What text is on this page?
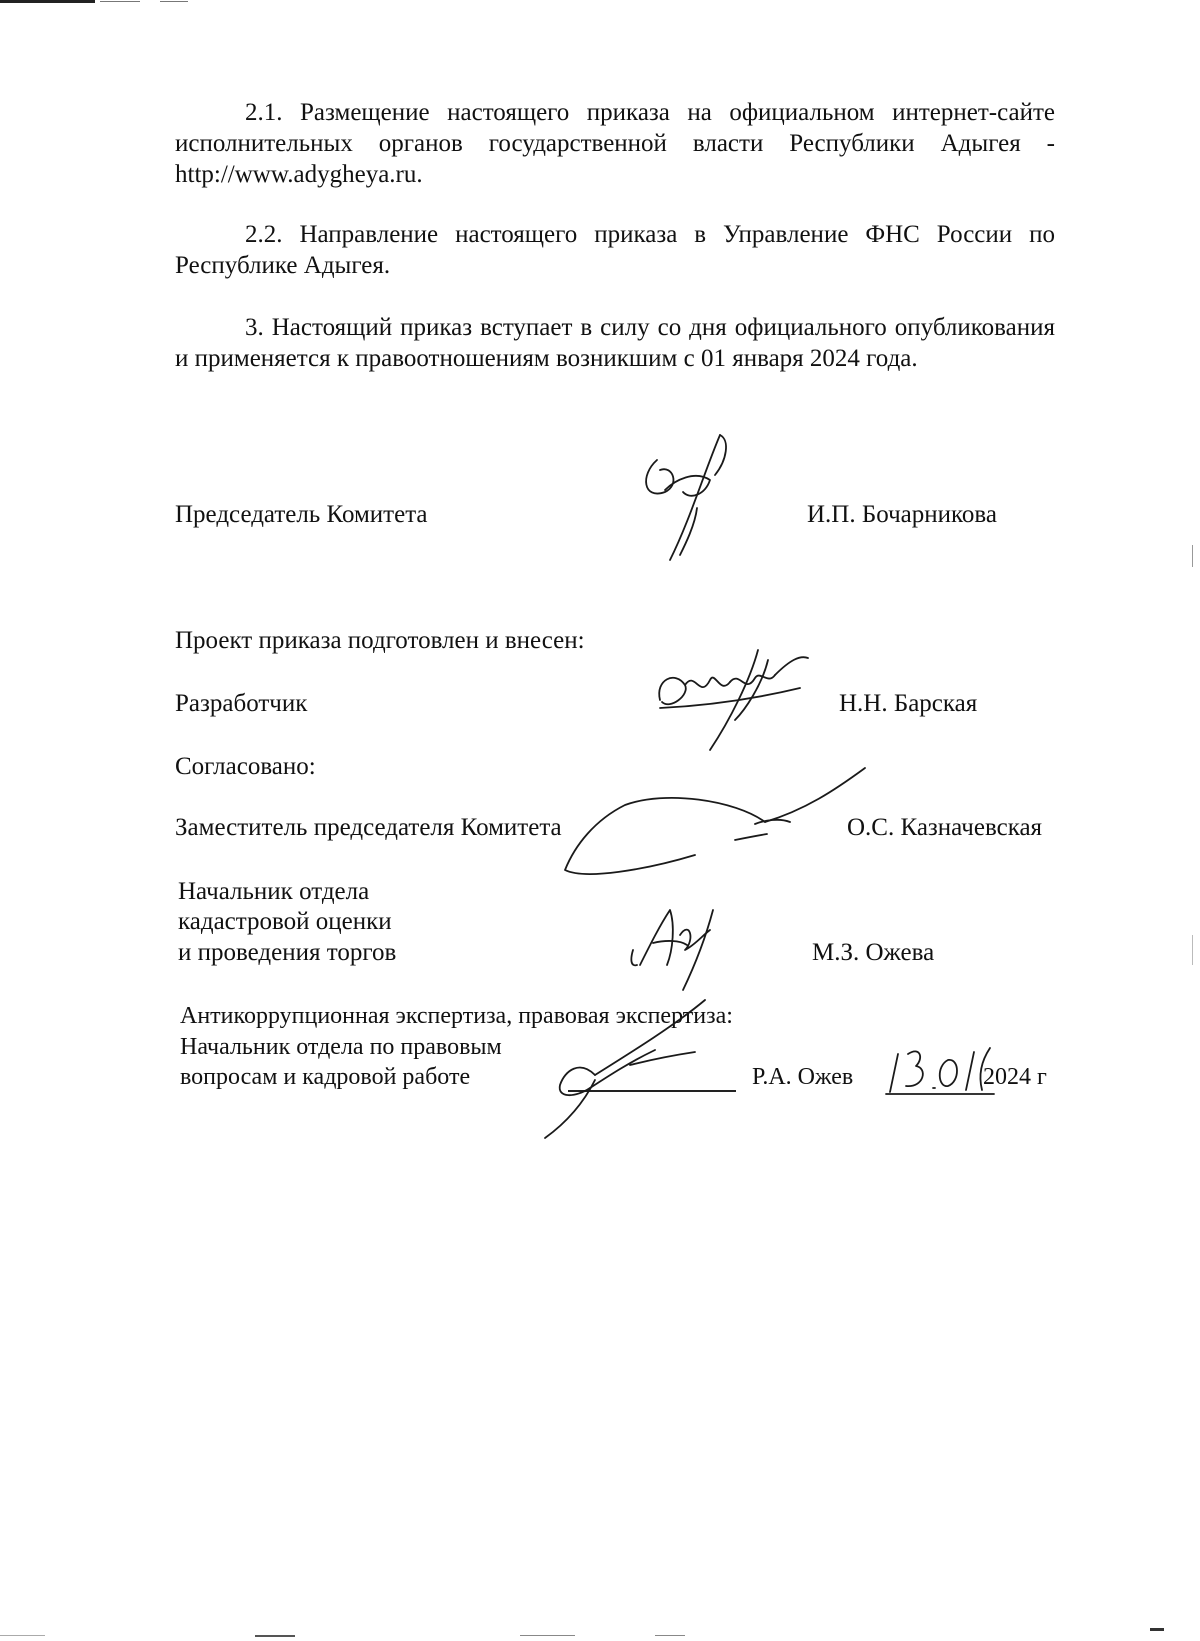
2.1. Размещение настоящего приказа на официальном интернет-сайте исполнительных органов государственной власти Республики Адыгея - http://www.adygheya.ru.

2.2. Направление настоящего приказа в Управление ФНС России по Республике Адыгея.

3. Настоящий приказ вступает в силу со дня официального опубликования и применяется к правоотношениям возникшим с 01 января 2024 года.

Председатель Комитета	И.П. Бочарникова
Проект приказа подготовлен и внесен:
Разработчик	Н.Н. Барская
Согласовано:
Заместитель председателя Комитета	О.С. Казначевская
Начальник отдела
кадастровой оценки
и проведения торгов	М.З. Ожева
Антикоррупционная экспертиза, правовая экспертиза:
Начальник отдела по правовым
вопросам и кадровой работе	Р.А. Ожев	2024 г
